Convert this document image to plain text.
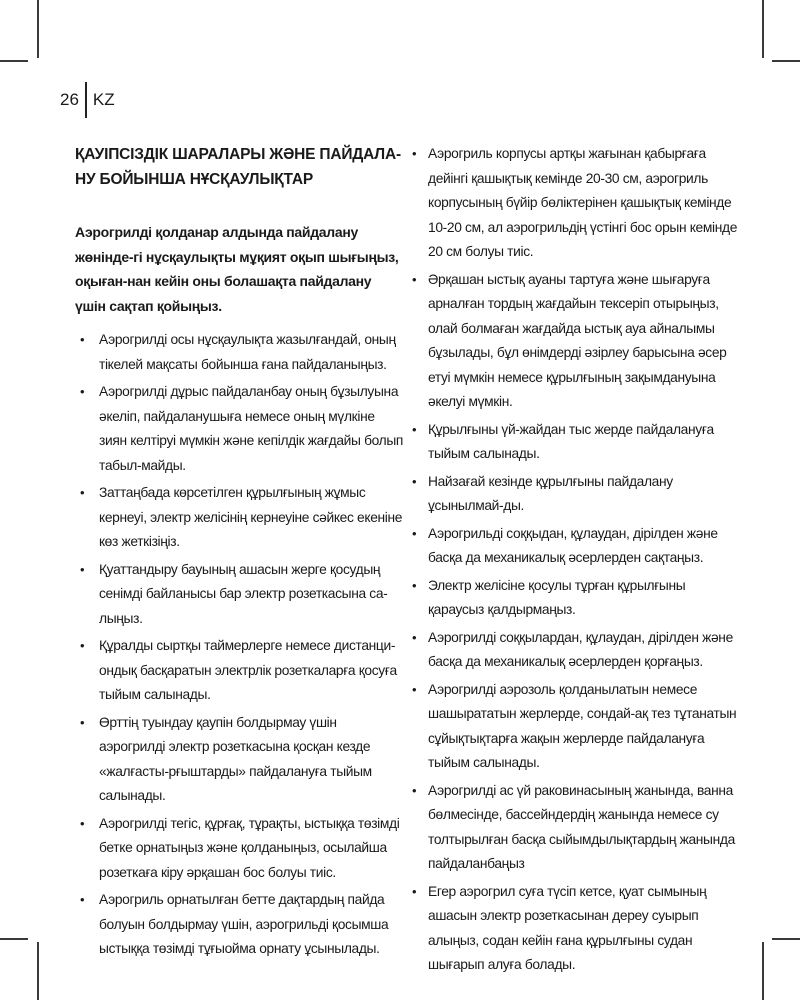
26 KZ
ҚАУІПСІЗДІК ШАРАЛАРЫ ЖӘНЕ ПАЙДАЛА-НУ БОЙЫНША НҰСҚАУЛЫҚТАР

Аэрогрилді қолданар алдында пайдалану жөнінде-гі нұсқаулықты мұқият оқып шығыңыз, оқыған-нан кейін оны болашақта пайдалану үшін сақтап қойыңыз.

• Аэрогрилді осы нұсқаулықта жазылғандай, оның тікелей мақсаты бойынша ғана пайдаланыңыз.
• Аэрогрилді дұрыс пайдаланбау оның бұзылуына әкеліп, пайдаланушыға немесе оның мүлкіне зиян келтіруі мүмкін және кепілдік жағдайы болып табыл-майды.
• Заттаңбада көрсетілген құрылғының жұмыс кернеуі, электр желісінің кернеуіне сәйкес екеніне көз жеткізіңіз.
• Қуаттандыру бауының ашасын жерге қосудың сенімді байланысы бар электр розеткасына са-лыңыз.
• Құралды сыртқы таймерлерге немесе дистанци-ондық басқаратын электрлік розеткаларға қосуға тыйым салынады.
• Өрттің туындау қаупін болдырмау үшін аэрогрилді электр розеткасына қосқан кезде «жалғасты-рғыштарды» пайдалануға тыйым салынады.
• Аэрогрилді тегіс, құрғақ, тұрақты, ыстыққа төзімді бетке орнатыңыз және қолданыңыз, осылайша розеткаға кіру әрқашан бос болуы тиіс.
• Аэрогриль орнатылған бетте дақтардың пайда болуын болдырмау үшін, аэрогрильді қосымша ыстыққа төзімді тұғыойма орнату ұсынылады.
• Аэрогриль корпусы артқы жағынан қабырғаға дейінгі қашықтық кемінде 20-30 см, аэрогриль корпусының бүйір бөліктерінен қашықтық кемінде 10-20 см, ал аэрогрильдің үстінгі бос орын кемінде 20 см болуы тиіс.
• Әрқашан ыстық ауаны тартуға және шығаруға арналған тордың жағдайын тексеріп отырыңыз, олай болмаған жағдайда ыстық ауа айналымы бұзылады, бұл өнімдерді әзірлеу барысына әсер етуі мүмкін немесе құрылғының зақымдануына әкелуі мүмкін.
• Құрылғыны үй-жайдан тыс жерде пайдалануға тыйым салынады.
• Найзағай кезінде құрылғыны пайдалану ұсынылмай-ды.
• Аэрогрильді соққыдан, құлаудан, дірілден және басқа да механикалық әсерлерден сақтаңыз.
• Электр желісіне қосулы тұрған құрылғыны қараусыз қалдырмаңыз.
• Аэрогрилді соққылардан, құлаудан, дірілден және басқа да механикалық әсерлерден қорғаңыз.
• Аэрогрилді аэрозоль қолданылатын немесе шашырататын жерлерде, сондай-ақ тез тұтанатын сұйықтықтарға жақын жерлерде пайдалануға тыйым салынады.
• Аэрогрилді ас үй раковинасының жанында, ванна бөлмесінде, бассейндердің жанында немесе су толтырылған басқа сыйымдылықтардың жанында пайдаланбаңыз
• Егер аэрогрил суға түсіп кетсе, қуат сымының ашасын электр розеткасынан дереу суырып алыңыз, содан кейін ғана құрылғыны судан шығарып алуға болады.
